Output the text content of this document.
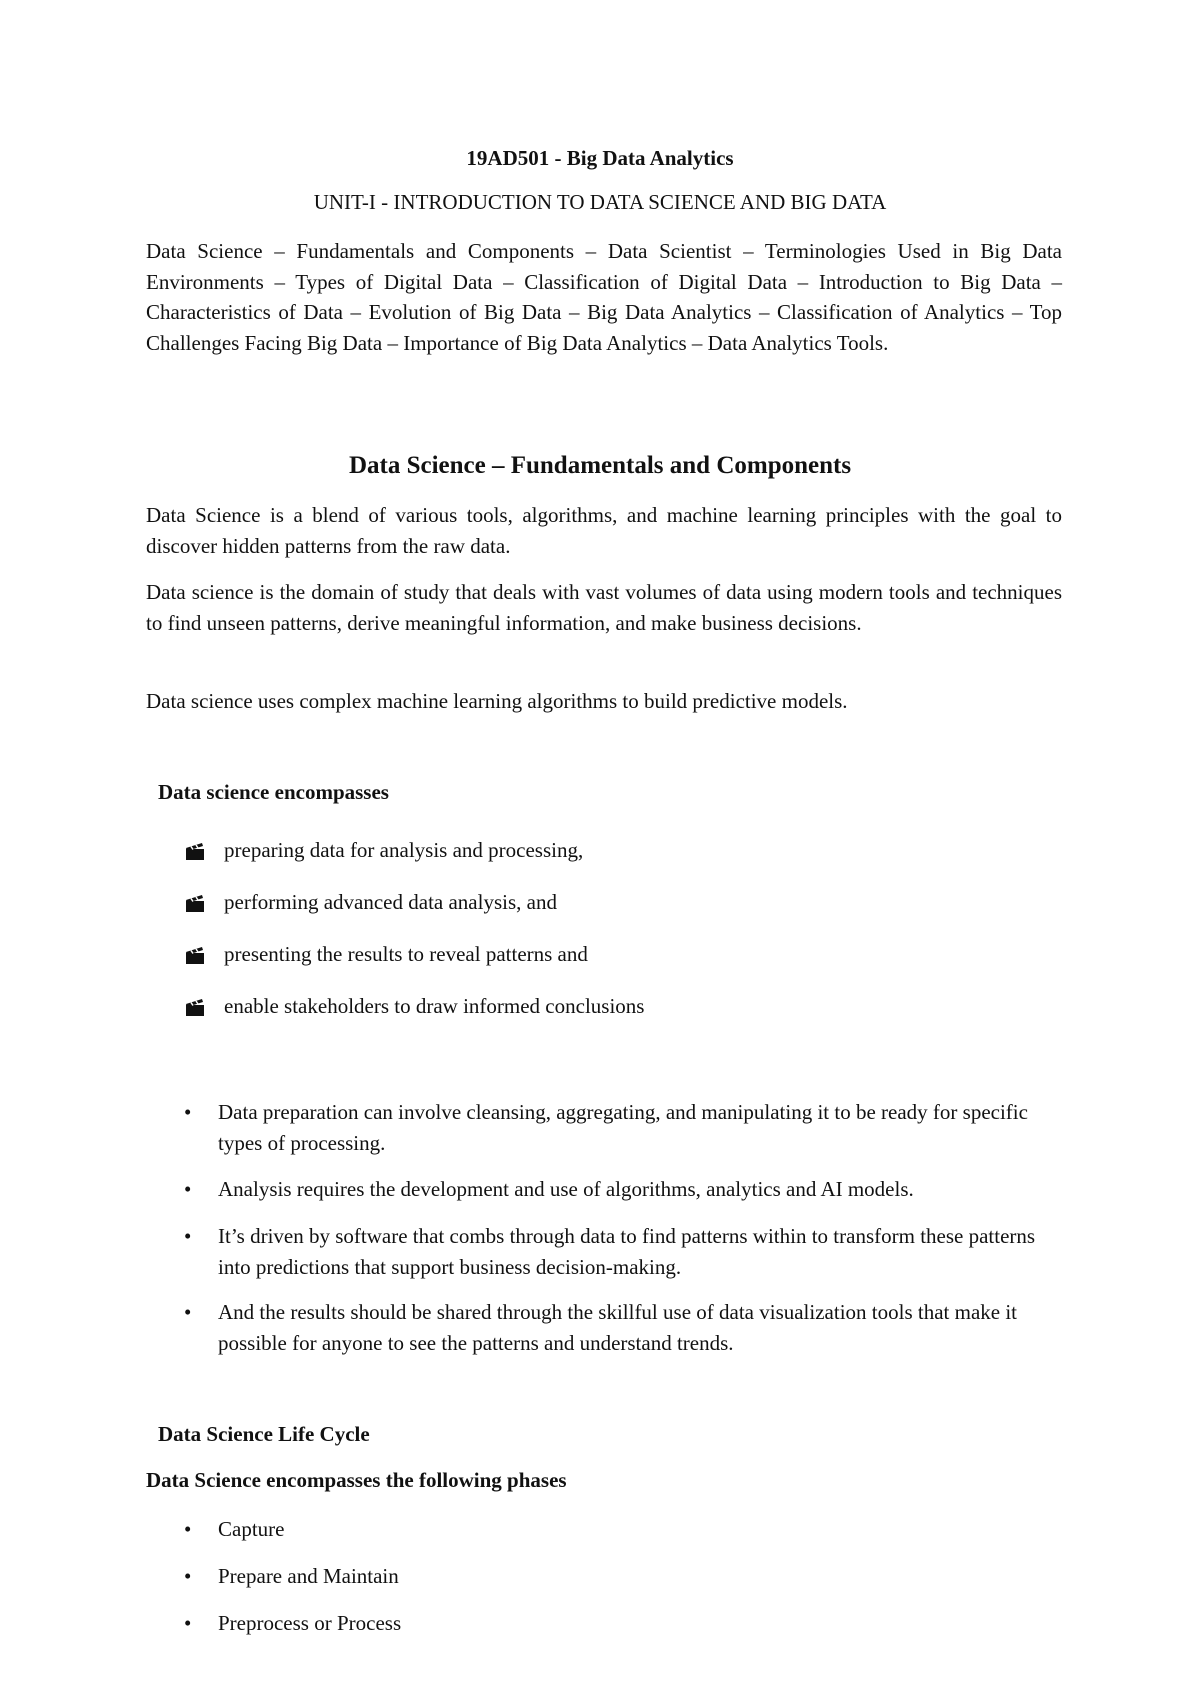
19AD501 - Big Data Analytics
UNIT-I - INTRODUCTION TO DATA SCIENCE AND BIG DATA
Data Science – Fundamentals and Components – Data Scientist – Terminologies Used in Big Data Environments – Types of Digital Data – Classification of Digital Data – Introduction to Big Data – Characteristics of Data – Evolution of Big Data – Big Data Analytics – Classification of Analytics – Top Challenges Facing Big Data – Importance of Big Data Analytics – Data Analytics Tools.
Data Science – Fundamentals and Components
Data Science is a blend of various tools, algorithms, and machine learning principles with the goal to discover hidden patterns from the raw data.
Data science is the domain of study that deals with vast volumes of data using modern tools and techniques to find unseen patterns, derive meaningful information, and make business decisions.
Data science uses complex machine learning algorithms to build predictive models.
Data science encompasses
preparing data for analysis and processing,
performing advanced data analysis, and
presenting the results to reveal patterns and
enable stakeholders to draw informed conclusions
•	Data preparation can involve cleansing, aggregating, and manipulating it to be ready for specific types of processing.
•	Analysis requires the development and use of algorithms, analytics and AI models.
•	It’s driven by software that combs through data to find patterns within to transform these patterns into predictions that support business decision-making.
•	And the results should be shared through the skillful use of data visualization tools that make it possible for anyone to see the patterns and understand trends.
Data Science Life Cycle
Data Science encompasses the following phases
•	Capture
•	Prepare and Maintain
•	Preprocess or Process
